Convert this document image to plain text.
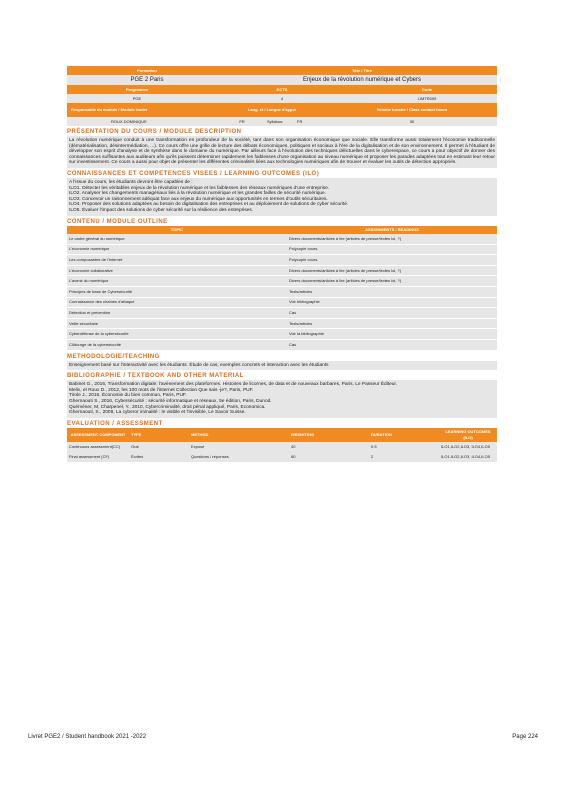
Formation	Title / Titre
PGE 2 Paris	Enjeux de la révolution numérique et Cybers
Programme	ECTS	Code
PGE	4	LIMTR009
Responsable du module / Module leader	Lang. et / Langue d'appui	Volume horaire / Class contact hours
ROUX DOMINIQUE	FR	Syllabus:	FR	30
PRÉSENTATION DU COURS / MODULE DESCRIPTION

La révolution numérique conduit à une transformation en profondeur de la société, tant dans son organisation économique que sociale. Elle transforme aussi totalement l'économie traditionnelle (dématérialisation, désintermédiation, ...). Ce cours offre une grille de lecture des débats économiques, politiques et sociaux à l'ère de la digitalisation et de son environnement. Il permet à l'étudiant de développer son esprit d'analyse et de synthèse dans le domaine du numérique. Par ailleurs face à l'évolution des techniques délictuelles dans le cyberespace, ce cours a pour objectif de donner des connaissances suffisantes aux auditeurs afin qu'ils puissent déterminer rapidement les faiblesses d'une organisation au niveau numérique et proposer les parades adaptées tout en estimant leur retour sur investissement. Ce cours a aussi pour objet de présenter les différentes criminalités liées aux technologies numériques afin de trouver et évaluer les outils de détection appropriés.

CONNAISSANCES ET COMPETENCES VISEES / LEARNING OUTCOMES (ILO)

A l'issue du cours, les étudiants devront être capables de :

ILO1. Détecter les véritables enjeux de la révolution numérique et les faiblesses des réseaux numériques d'une entreprise.

ILO2. Analyser les changements managériaux liés à la révolution numérique et les grandes failles de sécurité numérique.

ILO3. Concevoir un raisonnement adéquat face aux enjeux du numérique aux opportunités en termes d'outils sécuritaires.

ILO4. Proposer des solutions adaptées au besoin de digitalisation des entreprises et au déploiement de solutions de cyber sécurité.

ILO5. Évaluer l'impact des solutions de cyber sécurité sur la résilience des entreprises.

CONTENU / MODULE OUTLINE
TOPIC	ASSIGNMENTS / READINGS
Le cadre général du numérique	Divers documents/articles à lire (articles de presse/textes loi, ?)
L'économie numérique	Polycopié cours.
Les composantes de l'Internet	Polycopié cours.
L'économie collaborative	Divers documents/articles à lire (articles de presse/textes loi, ?)
L'avenir du numérique	Divers documents/articles à lire (articles de presse/textes loi, ?)
Principes de base de Cybersécurité	Tests/articles
Connaissance des chaînes d'attaque	Voir bibliographie
Détection et prévention	Cas
Veille sécuritaire	Tests/articles
Cyberdéfense de la cybersécurité	Voir la bibliographie
Clôturage de la cybersécurité	Cas
METHODOLOGIE/TEACHING

Enseignement basé sur l'interactivité avec les étudiants. Étude de cas, exemples concrets et interaction avec les étudiants

BIBLIOGRAPHIE / TEXTBOOK AND OTHER MATERIAL

Babinet G., 2016, Transformation digitale: l'avènement des plateformes. Histoires de licornes, de data et de nouveaux barbares, Paris, Le Passeur Éditeur.

Melix, et Roux D., 2012, les 100 mots de l'internet Collection Que sais -je?, Paris, PUF.

Tirole J., 2016, Économie du bien commun, Paris, PUF.

Ghernaouti S., 2016, Cybersécurité : sécurité informatique et réseaux, 5e édition, Paris, Dunod.

Quéméner, M, Charpenel, Y., 2010, Cybercriminalité, droit pénal appliqué, Paris, Economica.

Ghernaouti, S., 2009, La cyberor iminalité : le visible et l'invisible, Le Savoir Suisse.

EVALUATION / ASSESSMENT
ASSESSMENT COMPONENT	TYPE	METHOD	WEIGHTING	DURATION	LEARNING OUTCOMES (ILO)
Continuous assessment(CC)	Oral	Exposé	40	0.5	ILO1,ILO2,ILO3, ILO4,ILO5
Final assessment (CF)	Écrites	Questions / réponses	60	2	ILO1,ILO2,ILO3, ILO4,ILO5
Livret PGE2 / Student handbook 2021 -2022	Page 224
